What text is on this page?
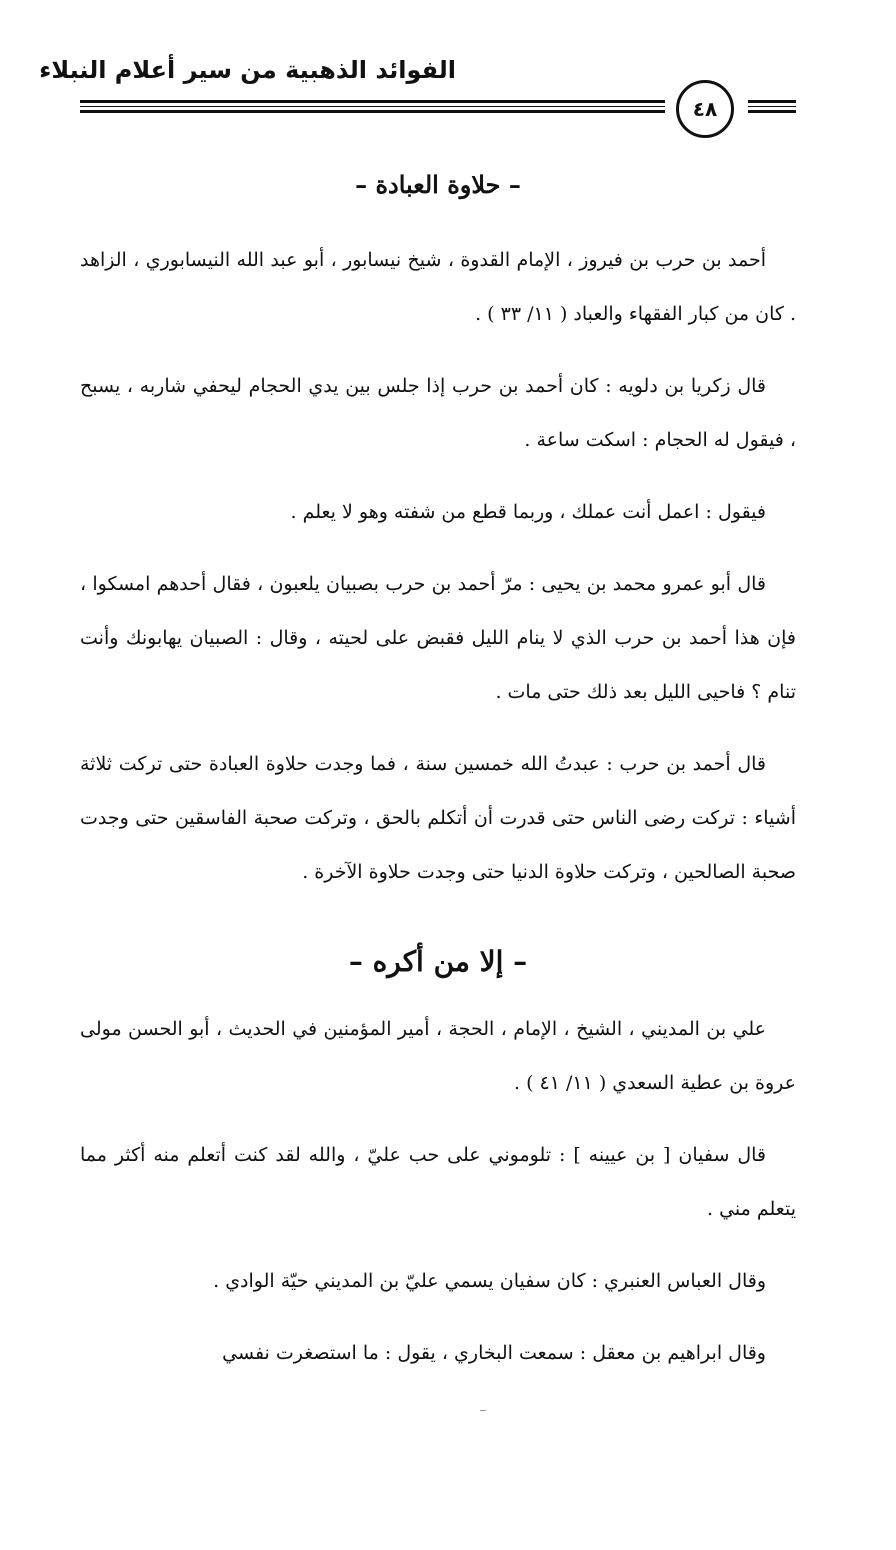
الفوائد الذهبية من سير أعلام النبلاء
٤٨
– حلاوة العبادة –

أحمد بن حرب بن فيروز ، الإمام القدوة ، شيخ نيسابور ، أبو عبد الله النيسابوري ، الزاهد . كان من كبار الفقهاء والعباد ( ١١/ ٣٣ ) .

قال زكريا بن دلويه : كان أحمد بن حرب إذا جلس بين يدي الحجام ليحفي شاربه ، يسبح ، فيقول له الحجام : اسكت ساعة .

فيقول : اعمل أنت عملك ، وربما قطع من شفته وهو لا يعلم .

قال أبو عمرو محمد بن يحيى : مرّ أحمد بن حرب بصبيان يلعبون ، فقال أحدهم امسكوا ، فإن هذا أحمد بن حرب الذي لا ينام الليل فقبض على لحيته ، وقال : الصبيان يهابونك وأنت تنام ؟ فاحيى الليل بعد ذلك حتى مات .

قال أحمد بن حرب : عبدتُ الله خمسين سنة ، فما وجدت حلاوة العبادة حتى تركت ثلاثة أشياء : تركت رضى الناس حتى قدرت أن أتكلم بالحق ، وتركت صحبة الفاسقين حتى وجدت صحبة الصالحين ، وتركت حلاوة الدنيا حتى وجدت حلاوة الآخرة .

– إلا من أكره –

علي بن المديني ، الشيخ ، الإمام ، الحجة ، أمير المؤمنين في الحديث ، أبو الحسن مولى عروة بن عطية السعدي ( ١١/ ٤١ ) .

قال سفيان [ بن عيينه ] : تلوموني على حب عليّ ، والله لقد كنت أتعلم منه أكثر مما يتعلم مني .

وقال العباس العنبري : كان سفيان يسمي عليّ بن المديني حيّة الوادي .

وقال ابراهيم بن معقل : سمعت البخاري ، يقول : ما استصغرت نفسي
